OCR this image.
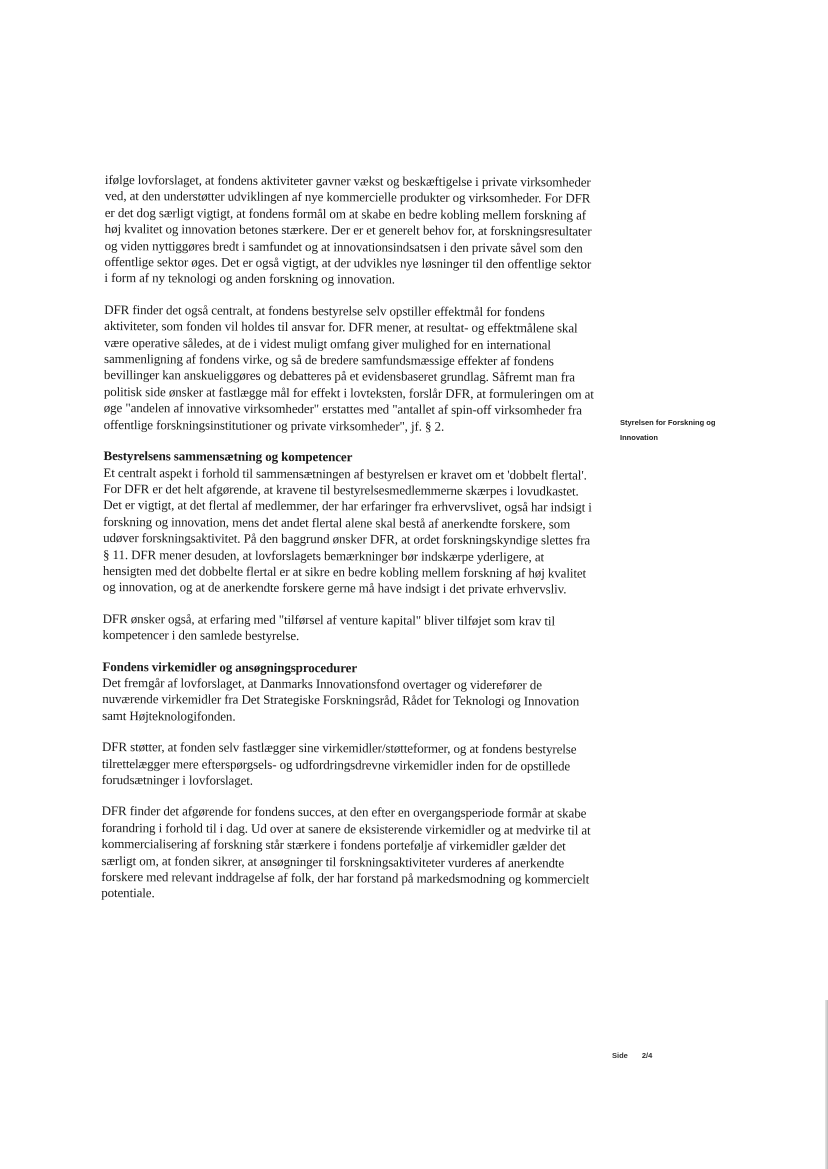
ifølge lovforslaget, at fondens aktiviteter gavner vækst og beskæftigelse i private virksomheder ved, at den understøtter udviklingen af nye kommercielle produkter og virksomheder. For DFR er det dog særligt vigtigt, at fondens formål om at skabe en bedre kobling mellem forskning af høj kvalitet og innovation betones stærkere. Der er et generelt behov for, at forskningsresultater og viden nyttiggøres bredt i samfundet og at innovationsindsatsen i den private såvel som den offentlige sektor øges. Det er også vigtigt, at der udvikles nye løsninger til den offentlige sektor i form af ny teknologi og anden forskning og innovation.

DFR finder det også centralt, at fondens bestyrelse selv opstiller effektmål for fondens aktiviteter, som fonden vil holdes til ansvar for. DFR mener, at resultat- og effektmålene skal være operative således, at de i videst muligt omfang giver mulighed for en international sammenligning af fondens virke, og så de bredere samfundsmæssige effekter af fondens bevillinger kan anskueliggøres og debatteres på et evidensbaseret grundlag. Såfremt man fra politisk side ønsker at fastlægge mål for effekt i lovteksten, forslår DFR, at formuleringen om at øge "andelen af innovative virksomheder" erstattes med "antallet af spin-off virksomheder fra offentlige forskningsinstitutioner og private virksomheder", jf. § 2.

Bestyrelsens sammensætning og kompetencer

Et centralt aspekt i forhold til sammensætningen af bestyrelsen er kravet om et 'dobbelt flertal'. For DFR er det helt afgørende, at kravene til bestyrelsesmedlemmerne skærpes i lovudkastet. Det er vigtigt, at det flertal af medlemmer, der har erfaringer fra erhvervslivet, også har indsigt i forskning og innovation, mens det andet flertal alene skal bestå af anerkendte forskere, som udøver forskningsaktivitet. På den baggrund ønsker DFR, at ordet forskningskyndige slettes fra § 11. DFR mener desuden, at lovforslagets bemærkninger bør indskærpe yderligere, at hensigten med det dobbelte flertal er at sikre en bedre kobling mellem forskning af høj kvalitet og innovation, og at de anerkendte forskere gerne må have indsigt i det private erhvervsliv.

DFR ønsker også, at erfaring med "tilførsel af venture kapital" bliver tilføjet som krav til kompetencer i den samlede bestyrelse.

Fondens virkemidler og ansøgningsprocedurer

Det fremgår af lovforslaget, at Danmarks Innovationsfond overtager og viderefører de nuværende virkemidler fra Det Strategiske Forskningsråd, Rådet for Teknologi og Innovation samt Højteknologifonden.

DFR støtter, at fonden selv fastlægger sine virkemidler/støtteformer, og at fondens bestyrelse tilrettelægger mere efterspørgsels- og udfordringsdrevne virkemidler inden for de opstillede forudsætninger i lovforslaget.

DFR finder det afgørende for fondens succes, at den efter en overgangsperiode formår at skabe forandring i forhold til i dag. Ud over at sanere de eksisterende virkemidler og at medvirke til at kommercialisering af forskning står stærkere i fondens portefølje af virkemidler gælder det særligt om, at fonden sikrer, at ansøgninger til forskningsaktiviteter vurderes af anerkendte forskere med relevant inddragelse af folk, der har forstand på markedsmodning og kommercielt potentiale.

Styrelsen for Forskning og
Innovation
Side 2/4
